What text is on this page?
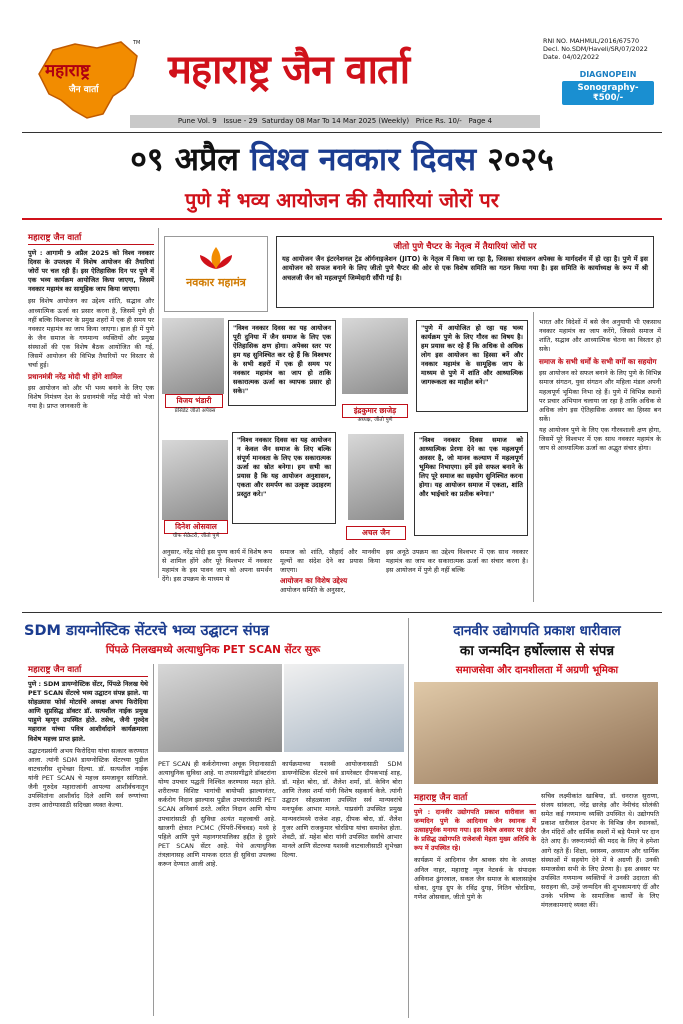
महाराष्ट्र
जैन वार्ता
TM
महाराष्ट्र जैन वार्ता
RNI NO. MAHMUL/2016/67570
Decl. No.SDM/Haveli/SR/07/2022
Date. 04/02/2022
DIAGNOPEIN
Sonography- ₹500/-
Pune Vol. 9   Issue - 29  Saturday 08 Mar To 14 Mar 2025 (Weekly)   Price Rs. 10/-   Page 4
०९ अप्रैल विश्व नवकार दिवस २०२५
पुणे में भव्य आयोजन की तैयारियां जोरों पर
महाराष्ट्र जैन वार्ता
पुणे : आगामी 9 अप्रैल 2025 को विश्व नवकार दिवस के उपलक्ष्य में विशेष आयोजन की तैयारियां जोरों पर चल रही हैं। इस ऐतिहासिक दिन पर पुणे में एक भव्य कार्यक्रम आयोजित किया जाएगा, जिसमें नवकार महामंत्र का सामूहिक जाप किया जाएगा।
इस विशेष आयोजन का उद्देश्य शांति, सद्भाव और आध्यात्मिक ऊर्जा का प्रसार करना है, जिसमें पुणे ही नहीं बल्कि विश्वभर के प्रमुख शहरों में एक ही समय पर नवकार महामंत्र का जाप किया जाएगा। हाल ही में पुणे के जैन समाज के गणमान्य व्यक्तियों और प्रमुख संस्थाओं की एक विशेष बैठक आयोजित की गई, जिसमें आयोजन की विभिन्न तैयारियों पर विस्तार से चर्चा हुई।
प्रधानमंत्री नरेंद्र मोदी भी होंगे शामिल
इस आयोजन को और भी भव्य बनाने के लिए एक विशेष निमंत्रण देश के प्रधानमंत्री नरेंद्र मोदी को भेजा गया है। प्राप्त जानकारी के
नवकार महामंत्र
जीतो पुणे चैप्टर के नेतृत्व में तैयारियां जोरों पर
यह आयोजन जैन इंटरनेशनल ट्रेड ऑर्गनाइजेशन (JITO) के नेतृत्व में किया जा रहा है, जिसका संचालन अपेक्स के मार्गदर्शन में हो रहा है। पुणे में इस आयोजन को सफल बनाने के लिए जीतो पुणे चैप्टर की ओर से एक विशेष समिति का गठन किया गया है। इस समिति के कार्याध्यक्ष के रूप में श्री अचलजी जैन को महत्वपूर्ण जिम्मेदारी सौंपी गई है।
"विश्व नवकार दिवस का यह आयोजन पूरी दुनिया में जैन समाज के लिए एक ऐतिहासिक क्षण होगा। अपेक्स स्तर पर हम यह सुनिश्चित कर रहे हैं कि विश्वभर के सभी शहरों में एक ही समय पर नवकार महामंत्र का जाप हो ताकि सकारात्मक ऊर्जा का व्यापक प्रसार हो सके।"
विजय भंडारी
प्रेसिडेंट जीतो अपेक्स
"पुणे में आयोजित हो रहा यह भव्य कार्यक्रम पुणे के लिए गौरव का विषय है। हम प्रयास कर रहे हैं कि अधिक से अधिक लोग इस आयोजन का हिस्सा बनें और नवकार महामंत्र के सामूहिक जाप के माध्यम से पुणे में शांति और आध्यात्मिक जागरूकता का माहौल बने।"
इंद्रकुमार छाजेड़
अध्यक्ष, जीतो पुणे
"विश्व नवकार दिवस का यह आयोजन न केवल जैन समाज के लिए बल्कि संपूर्ण मानवता के लिए एक सकारात्मक ऊर्जा का स्रोत बनेगा। हम सभी का प्रयास है कि यह आयोजन अनुशासन, एकता और समर्पण का उत्कृष्ट उदाहरण प्रस्तुत करे।"
दिनेश ओसवाल
चीफ सेक्रेटरी, जीतो पुणे
"विश्व नवकार दिवस समाज को आध्यात्मिक प्रेरणा देने का एक महत्वपूर्ण अवसर है, जो मानव कल्याण में महत्वपूर्ण भूमिका निभाएगा। हमें इसे सफल बनाने के लिए पूरे समाज का सहयोग सुनिश्चित करना होगा। यह आयोजन समाज में एकता, शांति और भाईचारे का प्रतीक बनेगा।"
अचल जैन
अनुसार, नरेंद्र मोदी इस पुण्य कार्य में विशेष रूप से शामिल होंगे और पूरे विश्वभर में नवकार महामंत्र के इस पावन जाप को अपना समर्थन देंगे। इस उपक्रम के माध्यम से
समाज को शांति, सौहार्द और मानवीय मूल्यों का संदेश देने का प्रयास किया जाएगा।
आयोजन का विशेष उद्देश्य
आयोजन समिति के अनुसार,
इस अनूठे उपक्रम का उद्देश्य विश्वभर में एक साथ नवकार महामंत्र का जाप कर सकारात्मक ऊर्जा का संचार करना है। इस आयोजन में पुणे ही नहीं बल्कि
भारत और विदेशों में बसे जैन अनुयायी भी एकसाथ नवकार महामंत्र का जाप करेंगे, जिससे समाज में शांति, सद्भाव और आध्यात्मिक चेतना का विस्तार हो सके।
समाज के सभी धर्मों के सभी वर्गों का सहयोग
इस आयोजन को सफल बनाने के लिए पुणे के विभिन्न समाज संगठन, युवा संगठन और महिला मंडल अपनी महत्वपूर्ण भूमिका निभा रहे हैं। पुणे में विभिन्न स्थानों पर प्रचार अभियान चलाया जा रहा है ताकि अधिक से अधिक लोग इस ऐतिहासिक अवसर का हिस्सा बन सकें।
यह आयोजन पुणे के लिए एक गौरवशाली क्षण होगा, जिसमें पूरे विश्वभर में एक साथ नवकार महामंत्र के जाप से आध्यात्मिक ऊर्जा का अद्भुत संचार होगा।
SDM डायग्नोस्टिक सेंटरचे भव्य उद्घाटन संपन्न
पिंपळे निलखमध्ये अत्याधुनिक PET SCAN सेंटर सुरू
महाराष्ट्र जैन वार्ता
पुणे : SDM डायग्नोस्टिक सेंटर, पिंपळे निलख येथे PET SCAN सेंटरचे भव्य उद्घाटन संपन्न झाले. या सोहळ्यास फोर्स मोटर्सचे अध्यक्ष अभय फिरोदिया आणि सुप्रसिद्ध डॉक्टर डॉ. सत्यशील नाईक प्रमुख पाहुणे म्हणून उपस्थित होते. तसेच, जैनी गुरुदेव महाराज यांच्या पवित्र आशीर्वादाने कार्यक्रमाला विशेष महत्त्व प्राप्त झाले.
उद्घाटनप्रसंगी अभय फिरोदिया यांचा सत्कार करण्यात आला. त्यांनी SDM डायग्नोस्टिक सेंटरच्या पुढील वाटचालीस शुभेच्छा दिल्या. डॉ. सत्यशील नाईक यांनी PET SCAN चे महत्त्व समजावून सांगितले. जैनी गुरुदेव महाराजांनी आपल्या आशीर्वचनातून उपस्थितांना आशीर्वाद दिले आणि सर्व रुग्णांच्या उत्तम आरोग्यासाठी सदिच्छा व्यक्त केल्या.
PET SCAN ही कर्करोगाच्या अचूक निदानासाठी अत्याधुनिक सुविधा आहे. या तपासणीद्वारे डॉक्टरांना योग्य उपचार पद्धती निश्चित करण्यास मदत होते. शरीराच्या विशिष्ट भागांची बायोप्सी झाल्यानंतर, कर्करोग निदान झाल्यास पुढील उपचारांसाठी PET SCAN अनिवार्य ठरते. त्वरित निदान आणि योग्य उपचारांसाठी ही सुविधा अत्यंत महत्त्वाची आहे. खाजगी क्षेत्रात PCMC (पिंपरी-चिंचवड) मध्ये हे पहिले आणि पुणे महानगरपालिका हद्दीत हे दुसरे PET SCAN सेंटर आहे. येथे अत्याधुनिक तंत्रज्ञानासह आणि माफक दरात ही सुविधा उपलब्ध करून देण्यात आली आहे.
कार्यक्रमाच्या यशस्वी आयोजनासाठी SDM डायग्नोस्टिक सेंटरचे सर्व डायरेक्टर दीपकभाई शाह, डॉ. महेश बोरा, डॉ. शैलेश शर्मा, डॉ. केविन बोरा आणि तेजस शर्मा यांनी विशेष सहकार्य केले. त्यांनी उद्घाटन सोहळ्याला उपस्थित सर्व मान्यवरांचे मनःपूर्वक आभार मानले. याप्रसंगी उपस्थित प्रमुख मान्यवरांमध्ये राजेश शहा, दीपक बोरा, डॉ. शैलेश गुजर आणि राजकुमार चोरडिया यांचा समावेश होता. शेवटी, डॉ. महेश बोरा यांनी उपस्थित सर्वांचे आभार मानले आणि सेंटरच्या यशस्वी वाटचालीसाठी शुभेच्छा दिल्या.
दानवीर उद्योगपति प्रकाश धारीवाल
का जन्मदिन हर्षोल्लास से संपन्न
समाजसेवा और दानशीलता में अग्रणी भूमिका
महाराष्ट्र जैन वार्ता
पुणे : दानवीर उद्योगपति प्रकाश धारीवाल का जन्मदिन पुणे के आदिनाथ जैन स्थानक में उत्साहपूर्वक मनाया गया। इस विशेष अवसर पर इंदौर के प्रसिद्ध उद्योगपति राजेशजी मेहता मुख्य अतिथि के रूप में उपस्थित रहे।
कार्यक्रम में आदिनाथ जैन श्रावक संघ के अध्यक्ष अनिल नाहर, महाराष्ट्र न्यूज नेटवर्क के संपादक अविनाश ढुंगरवाल, सकल जैन समाज के बालासाहेब धोका, दुगड़ ग्रुप के रविंद्र दुगड़, नितिन चोरडिया, गणेश ओसवाल, जीतो पुणे के
सचिव लक्ष्मीकांत खाबिया, डॉ. धनराज सुराणा, संजय सांकला, नरेंद्र छाजेड़ और नेमीचंद सोलंकी समेत कई गणमान्य व्यक्ति उपस्थित थे। उद्योगपति प्रकाश धारीवाल देशभर के विभिन्न जैन स्थानकों, जैन मंदिरों और धार्मिक स्थलों में बड़े पैमाने पर दान देते आए हैं। जरूरतमंदों की मदद के लिए वे हमेशा आगे रहते हैं। शिक्षा, स्वास्थ्य, अध्यात्म और धार्मिक संस्थाओं में सहयोग देने में वे अग्रणी हैं। उनकी समाजसेवा सभी के लिए प्रेरणा है। इस अवसर पर उपस्थित गणमान्य व्यक्तियों ने उनकी उदारता की सराहना की, उन्हें जन्मदिन की शुभकामनाएं दीं और उनके भविष्य के सामाजिक कार्यों के लिए मंगलकामनाएं व्यक्त कीं।
